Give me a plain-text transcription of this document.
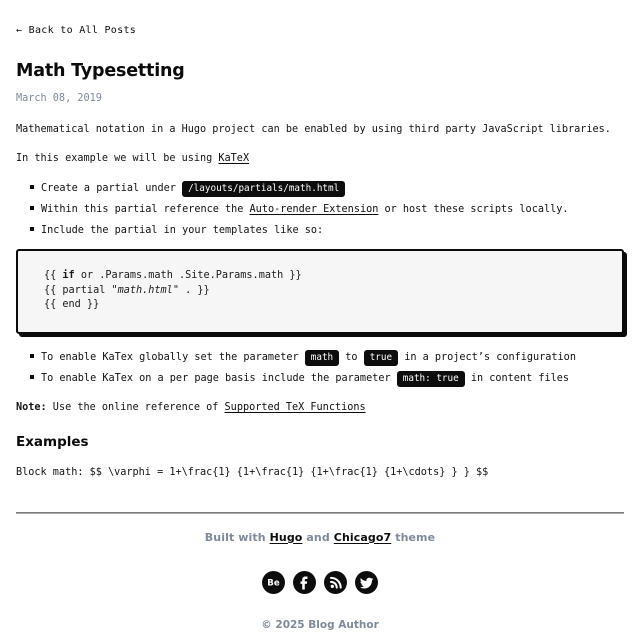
← Back to All Posts
Math Typesetting
March 08, 2019

Mathematical notation in a Hugo project can be enabled by using third party JavaScript libraries.

In this example we will be using KaTeX

Create a partial under /layouts/partials/math.html
Within this partial reference the Auto-render Extension or host these scripts locally.
Include the partial in your templates like so:
{{ if or .Params.math .Site.Params.math }}
{{ partial "math.html" . }}
{{ end }}
To enable KaTex globally set the parameter math to true in a project’s configuration
To enable KaTex on a per page basis include the parameter math: true in content files

Note: Use the online reference of Supported TeX Functions

Examples

Block math: $$ \varphi = 1+\frac{1} {1+\frac{1} {1+\frac{1} {1+\cdots} } } $$

Built with Hugo and Chicago7 theme
Be
© 2025 Blog Author
